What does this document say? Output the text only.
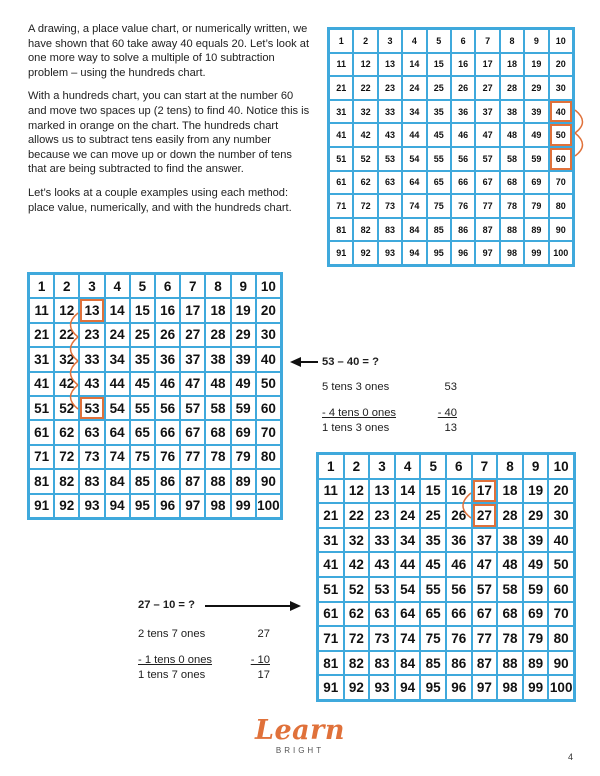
A drawing, a place value chart, or numerically written, we have shown that 60 take away 40 equals 20. Let’s look at one more way to solve a multiple of 10 subtraction problem – using the hundreds chart.

With a hundreds chart, you can start at the number 60 and move two spaces up (2 tens) to find 40. Notice this is marked in orange on the chart. The hundreds chart allows us to subtract tens easily from any number because we can move up or down the number of tens that are being subtracted to find the answer.

Let’s looks at a couple examples using each method: place value, numerically, and with the hundreds chart.

1	2	3	4	5	6	7	8	9	10
11	12	13	14	15	16	17	18	19	20
21	22	23	24	25	26	27	28	29	30
31	32	33	34	35	36	37	38	39	40
41	42	43	44	45	46	47	48	49	50
51	52	53	54	55	56	57	58	59	60
61	62	63	64	65	66	67	68	69	70
71	72	73	74	75	76	77	78	79	80
81	82	83	84	85	86	87	88	89	90
91	92	93	94	95	96	97	98	99	100
1	2	3	4	5	6	7	8	9	10
11 12 13 14 15 16 17 18 19 20
21 22 23 24 25 26 27 28 29 30
31 32 33 34 35 36 37 38 39 40
41 42 43 44 45 46 47 48 49 50
51 52 53 54 55 56 57 58 59 60
61 62 63 64 65 66 67 68 69 70
71 72 73 74 75 76 77 78 79 80
81 82 83 84 85 86 87 88 89 90
91 92 93 94 95 96 97 98 99 100
1	2	3	4	5	6	7	8	9	10
11 12 13 14 15 16 17 18 19 20
21 22 23 24 25 26 27 28 29 30
31 32 33 34 35 36 37 38 39 40
41 42 43 44 45 46 47 48 49 50
51 52 53 54 55 56 57 58 59 60
61 62 63 64 65 66 67 68 69 70
71 72 73 74 75 76 77 78 79 80
81 82 83 84 85 86 87 88 89 90
91 92 93 94 95 96 97 98 99 100
53 – 40 = ?
5 tens 3 ones	53
- 4 tens 0 ones	- 40
1 tens 3 ones	13
27 – 10 = ?
2 tens 7 ones	27
- 1 tens 0 ones	- 10
1 tens 7 ones	17
Learn
BRIGHT
4
